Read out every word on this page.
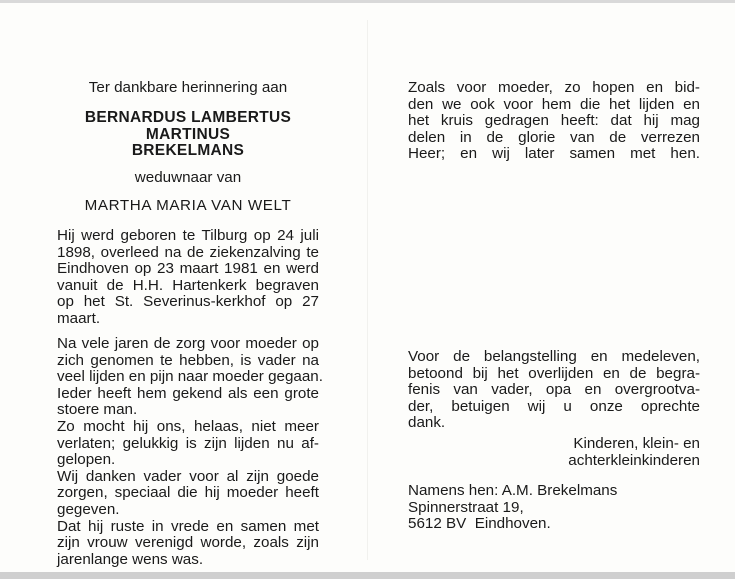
Ter dankbare herinnering aan
BERNARDUS LAMBERTUS
MARTINUS
BREKELMANS
weduwnaar van
MARTHA MARIA VAN WELT
Hij werd geboren te Tilburg op 24 juli
1898, overleed na de ziekenzalving te
Eindhoven op 23 maart 1981 en werd
vanuit de H.H. Hartenkerk begraven
op het St. Severinus-kerkhof op 27
maart.
Na vele jaren de zorg voor moeder op
zich genomen te hebben, is vader na
veel lijden en pijn naar moeder gegaan.
Ieder heeft hem gekend als een grote
stoere man.
Zo mocht hij ons, helaas, niet meer
verlaten; gelukkig is zijn lijden nu af-
gelopen.
Wij danken vader voor al zijn goede
zorgen, speciaal die hij moeder heeft
gegeven.
Dat hij ruste in vrede en samen met
zijn vrouw verenigd worde, zoals zijn
jarenlange wens was.
Zoals voor moeder, zo hopen en bid-
den we ook voor hem die het lijden en
het kruis gedragen heeft: dat hij mag
delen in de glorie van de verrezen
Heer; en wij later samen met hen.
Voor de belangstelling en medeleven,
betoond bij het overlijden en de begra-
fenis van vader, opa en overgrootva-
der, betuigen wij u onze oprechte
dank.
Kinderen, klein- en
achterkleinkinderen
Namens hen: A.M. Brekelmans
Spinnerstraat 19,
5612 BV  Eindhoven.
